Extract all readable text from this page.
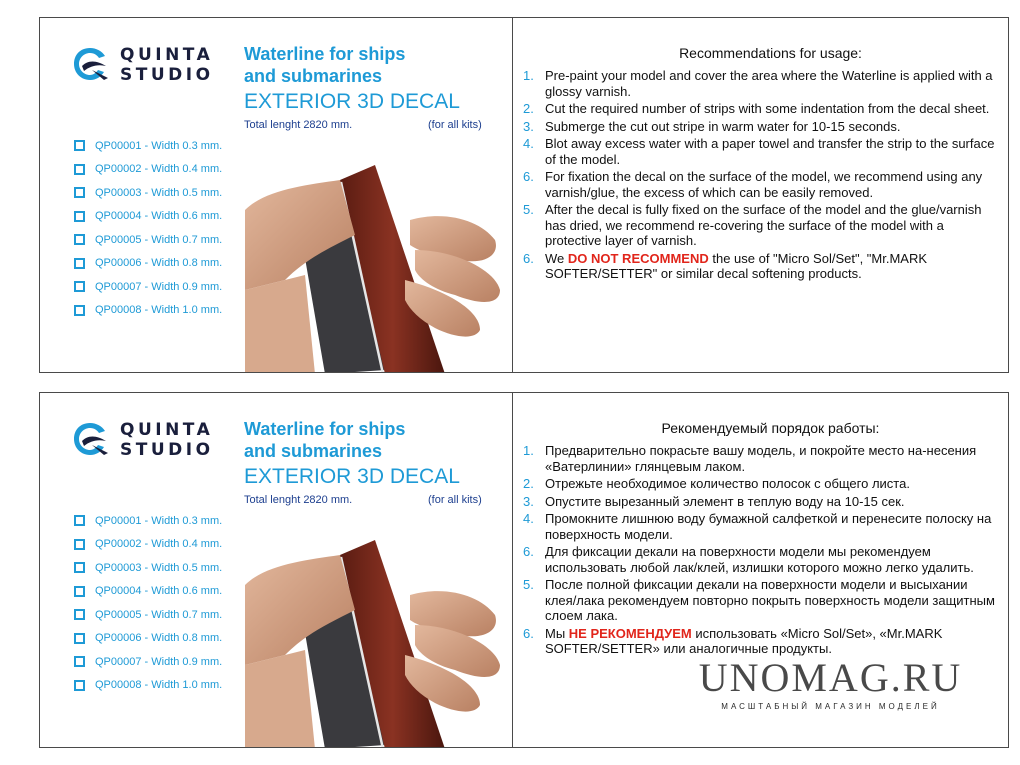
QUINTA
STUDIO
Waterline for ships
and submarines
EXTERIOR 3D DECAL
Total lenght 2820 mm.	(for all kits)
QP00001 - Width 0.3 mm.
QP00002 - Width 0.4 mm.
QP00003 - Width 0.5 mm.
QP00004 - Width 0.6 mm.
QP00005 - Width 0.7 mm.
QP00006 - Width 0.8 mm.
QP00007 - Width 0.9 mm.
QP00008 - Width 1.0 mm.
Recommendations for usage:
1. Pre-paint your model and cover the area where the Waterline is applied with a glossy varnish.
2. Cut the required number of strips with some indentation from the decal sheet.
3. Submerge the cut out stripe in warm water for 10-15 seconds.
4. Blot away excess water with a paper towel and transfer the strip to the surface of the model.
6. For fixation the decal on the surface of the model, we recommend using any varnish/glue, the excess of which can be easily removed.
5. After the decal is fully fixed on the surface of the model and the glue/varnish has dried, we recommend re-covering the surface of the model with a protective layer of varnish.
6. We DO NOT RECOMMEND the use of "Micro Sol/Set", "Mr.MARK SOFTER/SETTER" or similar decal softening products.
QUINTA
STUDIO
Waterline for ships
and submarines
EXTERIOR 3D DECAL
Total lenght 2820 mm.	(for all kits)
QP00001 - Width 0.3 mm.
QP00002 - Width 0.4 mm.
QP00003 - Width 0.5 mm.
QP00004 - Width 0.6 mm.
QP00005 - Width 0.7 mm.
QP00006 - Width 0.8 mm.
QP00007 - Width 0.9 mm.
QP00008 - Width 1.0 mm.
Рекомендуемый порядок работы:
1. Предварительно покрасьте вашу модель, и покройте место на-несения «Ватерлинии» глянцевым лаком.
2. Отрежьте необходимое количество полосок с общего листа.
3. Опустите вырезанный элемент в теплую воду на 10-15 сек.
4. Промокните лишнюю воду бумажной салфеткой и перенесите полоску на поверхность модели.
6. Для фиксации декали на поверхности модели мы рекомендуем использовать любой лак/клей, излишки которого можно легко удалить.
5. После полной фиксации декали на поверхности модели и высыхании клея/лака рекомендуем повторно покрыть поверхность модели защитным слоем лака.
6. Мы НЕ РЕКОМЕНДУЕМ использовать «Micro Sol/Set», «Mr.MARK SOFTER/SETTER» или аналогичные продукты.
UNOMAG.RU
МАСШТАБНЫЙ МАГАЗИН МОДЕЛЕЙ
